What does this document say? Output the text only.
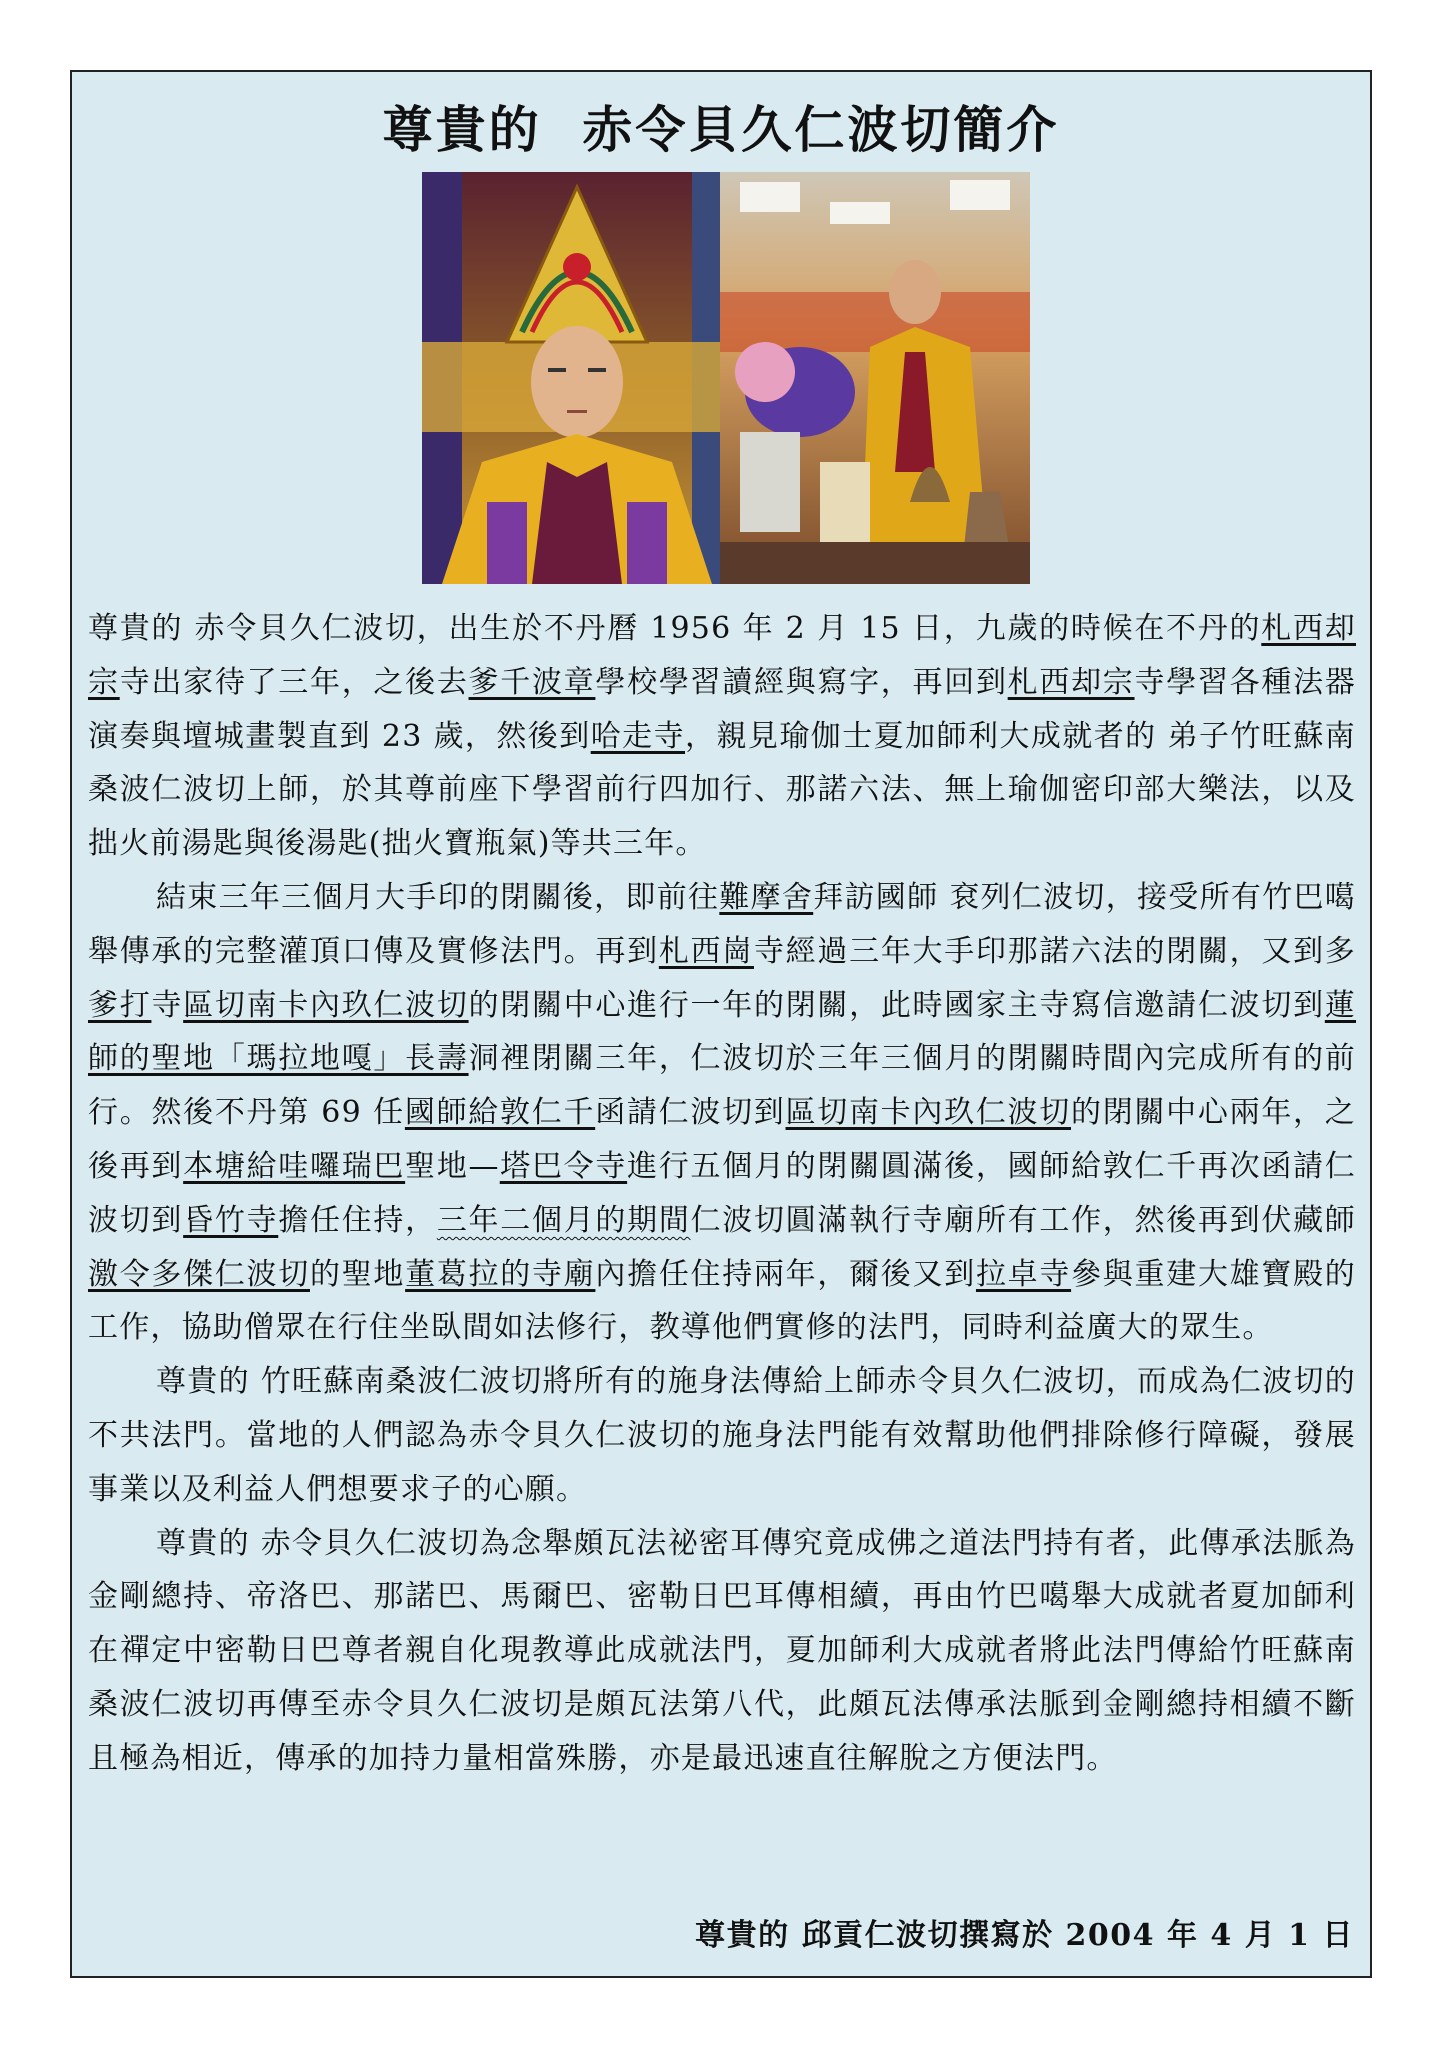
尊貴的  赤令貝久仁波切簡介

尊貴的 赤令貝久仁波切，出生於不丹曆 1956 年 2 月 15 日，九歲的時候在不丹的札西却宗寺出家待了三年，之後去爹千波章學校學習讀經與寫字，再回到札西却宗寺學習各種法器演奏與壇城畫製直到 23 歲，然後到哈走寺，親見瑜伽士夏加師利大成就者的 弟子竹旺蘇南桑波仁波切上師，於其尊前座下學習前行四加行、那諾六法、無上瑜伽密印部大樂法，以及拙火前湯匙與後湯匙(拙火寶瓶氣)等共三年。

結束三年三個月大手印的閉關後，即前往難摩舍拜訪國師 袞列仁波切，接受所有竹巴噶舉傳承的完整灌頂口傳及實修法門。再到札西崗寺經過三年大手印那諾六法的閉關，又到多爹打寺區切南卡內玖仁波切的閉關中心進行一年的閉關，此時國家主寺寫信邀請仁波切到蓮師的聖地「瑪拉地嘎」長壽洞裡閉關三年，仁波切於三年三個月的閉關時間內完成所有的前行。然後不丹第 69 任國師給敦仁千函請仁波切到區切南卡內玖仁波切的閉關中心兩年，之後再到本塘給哇囉瑞巴聖地—塔巴令寺進行五個月的閉關圓滿後，國師給敦仁千再次函請仁波切到昏竹寺擔任住持，三年二個月的期間仁波切圓滿執行寺廟所有工作，然後再到伏藏師激令多傑仁波切的聖地董葛拉的寺廟內擔任住持兩年，爾後又到拉卓寺參與重建大雄寶殿的工作，協助僧眾在行住坐臥間如法修行，教導他們實修的法門，同時利益廣大的眾生。

尊貴的 竹旺蘇南桑波仁波切將所有的施身法傳給上師赤令貝久仁波切，而成為仁波切的不共法門。當地的人們認為赤令貝久仁波切的施身法門能有效幫助他們排除修行障礙，發展事業以及利益人們想要求子的心願。

尊貴的 赤令貝久仁波切為念舉頗瓦法祕密耳傳究竟成佛之道法門持有者，此傳承法脈為金剛總持、帝洛巴、那諾巴、馬爾巴、密勒日巴耳傳相續，再由竹巴噶舉大成就者夏加師利在禪定中密勒日巴尊者親自化現教導此成就法門，夏加師利大成就者將此法門傳給竹旺蘇南桑波仁波切再傳至赤令貝久仁波切是頗瓦法第八代，此頗瓦法傳承法脈到金剛總持相續不斷且極為相近，傳承的加持力量相當殊勝，亦是最迅速直往解脫之方便法門。

尊貴的 邱貢仁波切撰寫於 2004 年 4 月 1 日
